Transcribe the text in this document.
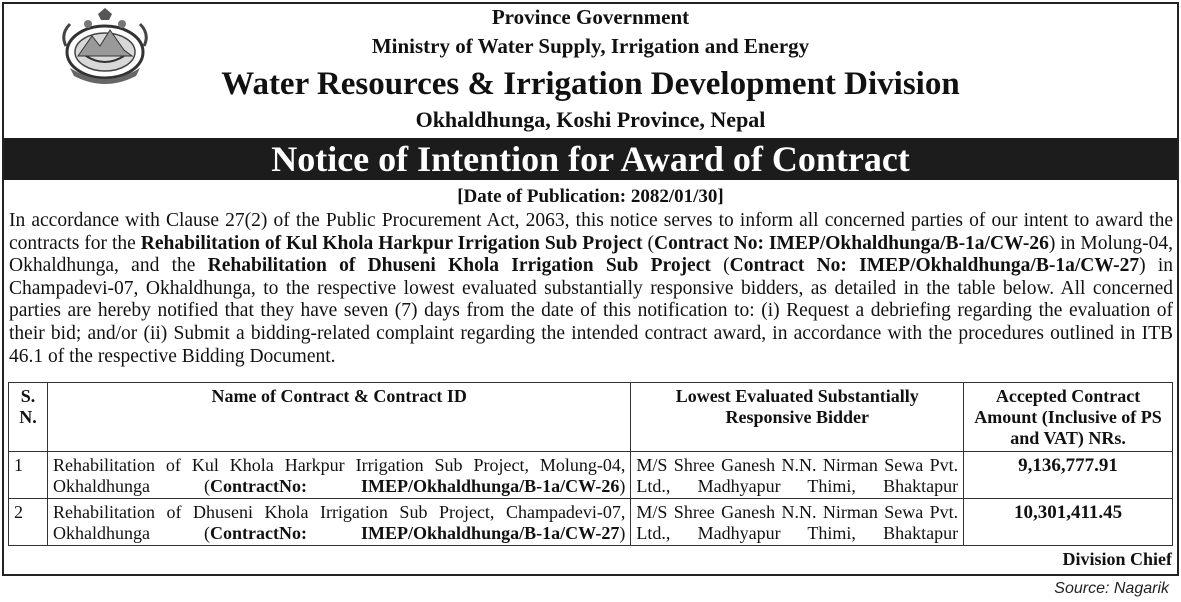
Province Government
Ministry of Water Supply, Irrigation and Energy
Water Resources & Irrigation Development Division
Okhaldhunga, Koshi Province, Nepal
Notice of Intention for Award of Contract
[Date of Publication: 2082/01/30]
In accordance with Clause 27(2) of the Public Procurement Act, 2063, this notice serves to inform all concerned parties of our intent to award the contracts for the Rehabilitation of Kul Khola Harkpur Irrigation Sub Project (Contract No: IMEP/Okhaldhunga/B-1a/CW-26) in Molung-04, Okhaldhunga, and the Rehabilitation of Dhuseni Khola Irrigation Sub Project (Contract No: IMEP/Okhaldhunga/B-1a/CW-27) in Champadevi-07, Okhaldhunga, to the respective lowest evaluated substantially responsive bidders, as detailed in the table below. All concerned parties are hereby notified that they have seven (7) days from the date of this notification to: (i) Request a debriefing regarding the evaluation of their bid; and/or (ii) Submit a bidding-related complaint regarding the intended contract award, in accordance with the procedures outlined in ITB 46.1 of the respective Bidding Document.
S. N.	Name of Contract & Contract ID	Lowest Evaluated Substantially Responsive Bidder	Accepted Contract Amount (Inclusive of PS and VAT) NRs.
1	Rehabilitation of Kul Khola Harkpur Irrigation Sub Project, Molung-04, Okhaldhunga (ContractNo: IMEP/Okhaldhunga/B-1a/CW-26)	M/S Shree Ganesh N.N. Nirman Sewa Pvt. Ltd., Madhyapur Thimi, Bhaktapur	9,136,777.91
2	Rehabilitation of Dhuseni Khola Irrigation Sub Project, Champadevi-07, Okhaldhunga (ContractNo: IMEP/Okhaldhunga/B-1a/CW-27)	M/S Shree Ganesh N.N. Nirman Sewa Pvt. Ltd., Madhyapur Thimi, Bhaktapur	10,301,411.45
Division Chief
Source: Nagarik
